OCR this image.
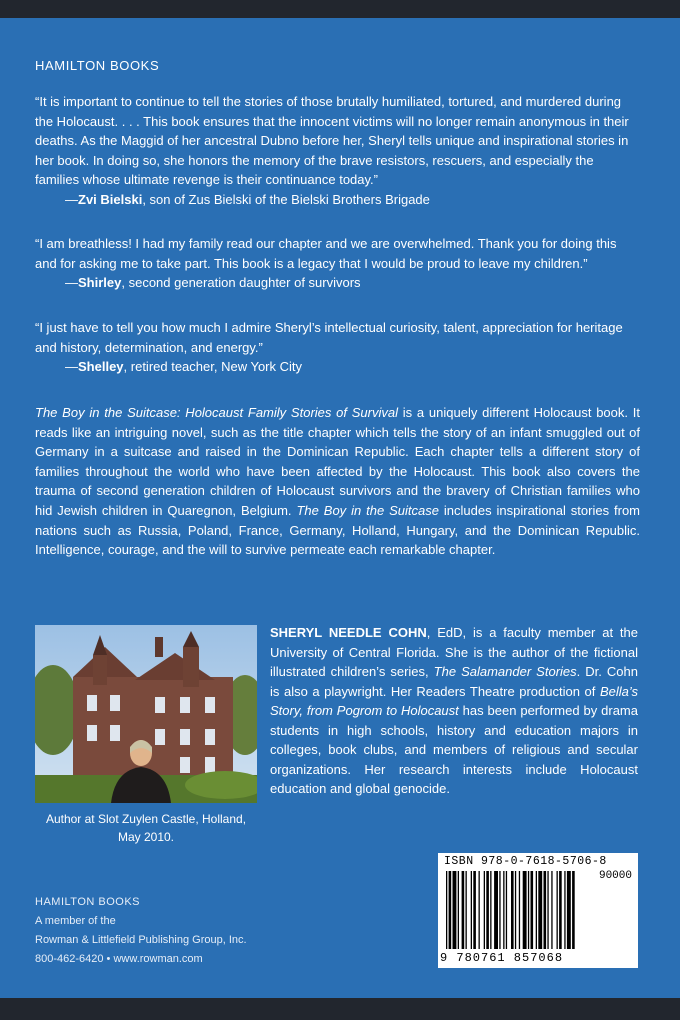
HAMILTON BOOKS
“It is important to continue to tell the stories of those brutally humiliated, tortured, and murdered during the Holocaust. . . . This book ensures that the innocent victims will no longer remain anonymous in their deaths. As the Maggid of her ancestral Dubno before her, Sheryl tells unique and inspirational stories in her book. In doing so, she honors the memory of the brave resistors, rescuers, and especially the families whose ultimate revenge is their continuance today.”
—Zvi Bielski, son of Zus Bielski of the Bielski Brothers Brigade
“I am breathless! I had my family read our chapter and we are overwhelmed. Thank you for doing this and for asking me to take part. This book is a legacy that I would be proud to leave my children.”
—Shirley, second generation daughter of survivors
“I just have to tell you how much I admire Sheryl’s intellectual curiosity, talent, appreciation for heritage and history, determination, and energy.”
—Shelley, retired teacher, New York City
The Boy in the Suitcase: Holocaust Family Stories of Survival is a uniquely different Holocaust book. It reads like an intriguing novel, such as the title chapter which tells the story of an infant smuggled out of Germany in a suitcase and raised in the Dominican Republic. Each chapter tells a different story of families throughout the world who have been affected by the Holocaust. This book also covers the trauma of second generation children of Holocaust survivors and the bravery of Christian families who hid Jewish children in Quaregnon, Belgium. The Boy in the Suitcase includes inspirational stories from nations such as Russia, Poland, France, Germany, Holland, Hungary, and the Dominican Republic. Intelligence, courage, and the will to survive permeate each remarkable chapter.
Author at Slot Zuylen Castle, Holland, May 2010.
SHERYL NEEDLE COHN, EdD, is a faculty member at the University of Central Florida. She is the author of the fictional illustrated children’s series, The Salamander Stories. Dr. Cohn is also a playwright. Her Readers Theatre production of Bella’s Story, from Pogrom to Holocaust has been performed by drama students in high schools, history and education majors in colleges, book clubs, and members of religious and secular organizations. Her research interests include Holocaust education and global genocide.
ISBN 978-0-7618-5706-8
90000
9 780761 857068
HAMILTON BOOKS
A member of the
Rowman & Littlefield Publishing Group, Inc.
800-462-6420 • www.rowman.com
